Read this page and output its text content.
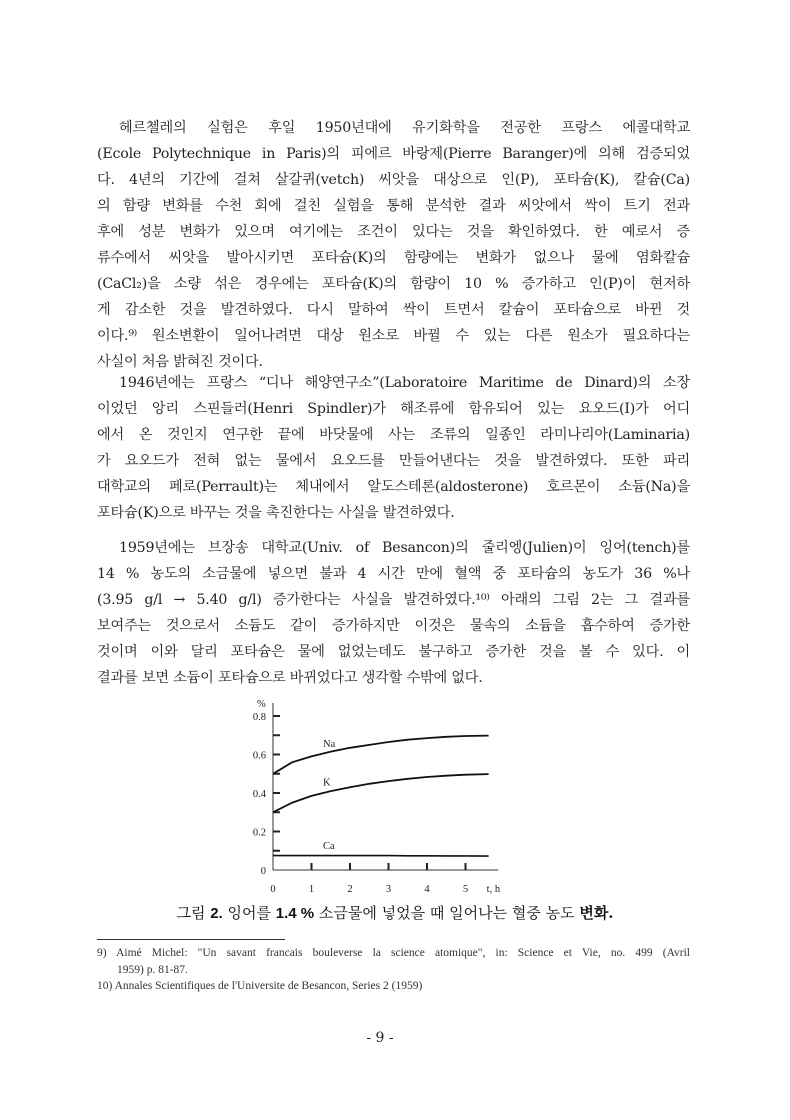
헤르첼레의 실험은 후일 1950년대에 유기화학을 전공한 프랑스 에콜대학교
(Ecole Polytechnique in Paris)의 피에르 바랑제(Pierre Baranger)에 의해 검증되었
다. 4년의 기간에 걸쳐 살갈퀴(vetch) 씨앗을 대상으로 인(P), 포타슘(K), 칼슘(Ca)
의 함량 변화를 수천 회에 걸친 실험을 통해 분석한 결과 씨앗에서 싹이 트기 전과
후에 성분 변화가 있으며 여기에는 조건이 있다는 것을 확인하였다. 한 예로서 증
류수에서 씨앗을 발아시키면 포타슘(K)의 함량에는 변화가 없으나 물에 염화칼슘
(CaCl₂)을 소량 섞은 경우에는 포타슘(K)의 함량이 10 % 증가하고 인(P)이 현저하
게 감소한 것을 발견하였다. 다시 말하여 싹이 트면서 칼슘이 포타슘으로 바뀐 것
이다.⁹⁾ 원소변환이 일어나려면 대상 원소로 바뀔 수 있는 다른 원소가 필요하다는
사실이 처음 밝혀진 것이다.
1946년에는 프랑스 “디나 해양연구소”(Laboratoire Maritime de Dinard)의 소장
이었던 앙리 스핀들러(Henri Spindler)가 해조류에 함유되어 있는 요오드(I)가 어디
에서 온 것인지 연구한 끝에 바닷물에 사는 조류의 일종인 라미나리아(Laminaria)
가 요오드가 전혀 없는 물에서 요오드를 만들어낸다는 것을 발견하였다. 또한 파리
대학교의 페로(Perrault)는 체내에서 알도스테론(aldosterone) 호르몬이 소듐(Na)을
포타슘(K)으로 바꾸는 것을 촉진한다는 사실을 발견하였다.
1959년에는 브장송 대학교(Univ. of Besancon)의 줄리엥(Julien)이 잉어(tench)를
14 % 농도의 소금물에 넣으면 불과 4 시간 만에 혈액 중 포타슘의 농도가 36 %나
(3.95 g/l → 5.40 g/l) 증가한다는 사실을 발견하였다.¹⁰⁾ 아래의 그림 2는 그 결과를
보여주는 것으로서 소듐도 같이 증가하지만 이것은 물속의 소듐을 흡수하여 증가한
것이며 이와 달리 포타슘은 물에 없었는데도 불구하고 증가한 것을 볼 수 있다. 이
결과를 보면 소듐이 포타슘으로 바뀌었다고 생각할 수밖에 없다.
0
0.2
0.4
0.6
0.8
%
0	1	2	3	4	5 t, h
Na
K
Ca
그림 2. 잉어를 1.4 % 소금물에 넣었을 때 일어나는 혈중 농도 변화.
9) Aimé Michel: "Un savant francais bouleverse la science atomique", in: Science et Vie, no. 499 (Avril
1959) p. 81-87.
10) Annales Scientifiques de l'Universite de Besancon, Series 2 (1959)
- 9 -
